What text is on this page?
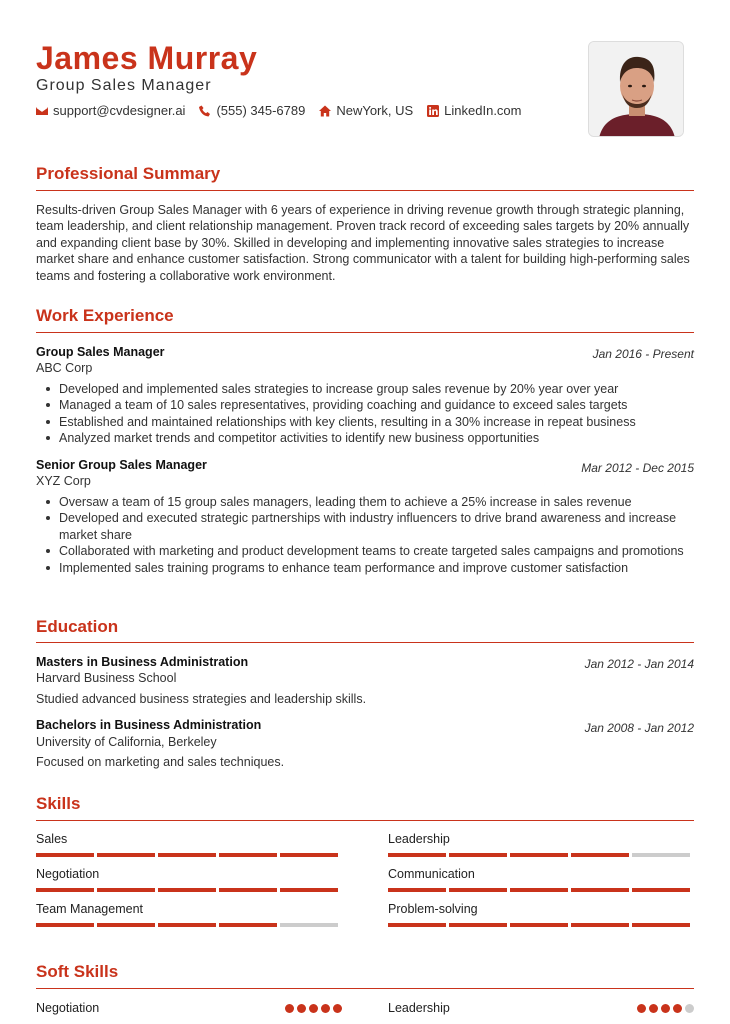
James Murray
Group Sales Manager
support@cvdesigner.ai (555) 345-6789 NewYork, US LinkedIn.com
Professional Summary
Results-driven Group Sales Manager with 6 years of experience in driving revenue growth through strategic planning, team leadership, and client relationship management. Proven track record of exceeding sales targets by 20% annually and expanding client base by 30%. Skilled in developing and implementing innovative sales strategies to increase market share and enhance customer satisfaction. Strong communicator with a talent for building high-performing sales teams and fostering a collaborative work environment.
Work Experience
Group Sales Manager	Jan 2016 - Present
ABC Corp
Developed and implemented sales strategies to increase group sales revenue by 20% year over year
Managed a team of 10 sales representatives, providing coaching and guidance to exceed sales targets
Established and maintained relationships with key clients, resulting in a 30% increase in repeat business
Analyzed market trends and competitor activities to identify new business opportunities
Senior Group Sales Manager	Mar 2012 - Dec 2015
XYZ Corp
Oversaw a team of 15 group sales managers, leading them to achieve a 25% increase in sales revenue
Developed and executed strategic partnerships with industry influencers to drive brand awareness and increase market share
Collaborated with marketing and product development teams to create targeted sales campaigns and promotions
Implemented sales training programs to enhance team performance and improve customer satisfaction
Education
Masters in Business Administration	Jan 2012 - Jan 2014
Harvard Business School
Studied advanced business strategies and leadership skills.
Bachelors in Business Administration	Jan 2008 - Jan 2012
University of California, Berkeley
Focused on marketing and sales techniques.
Skills
Sales	Leadership
Negotiation	Communication
Team Management	Problem-solving
Soft Skills
Negotiation	Leadership
